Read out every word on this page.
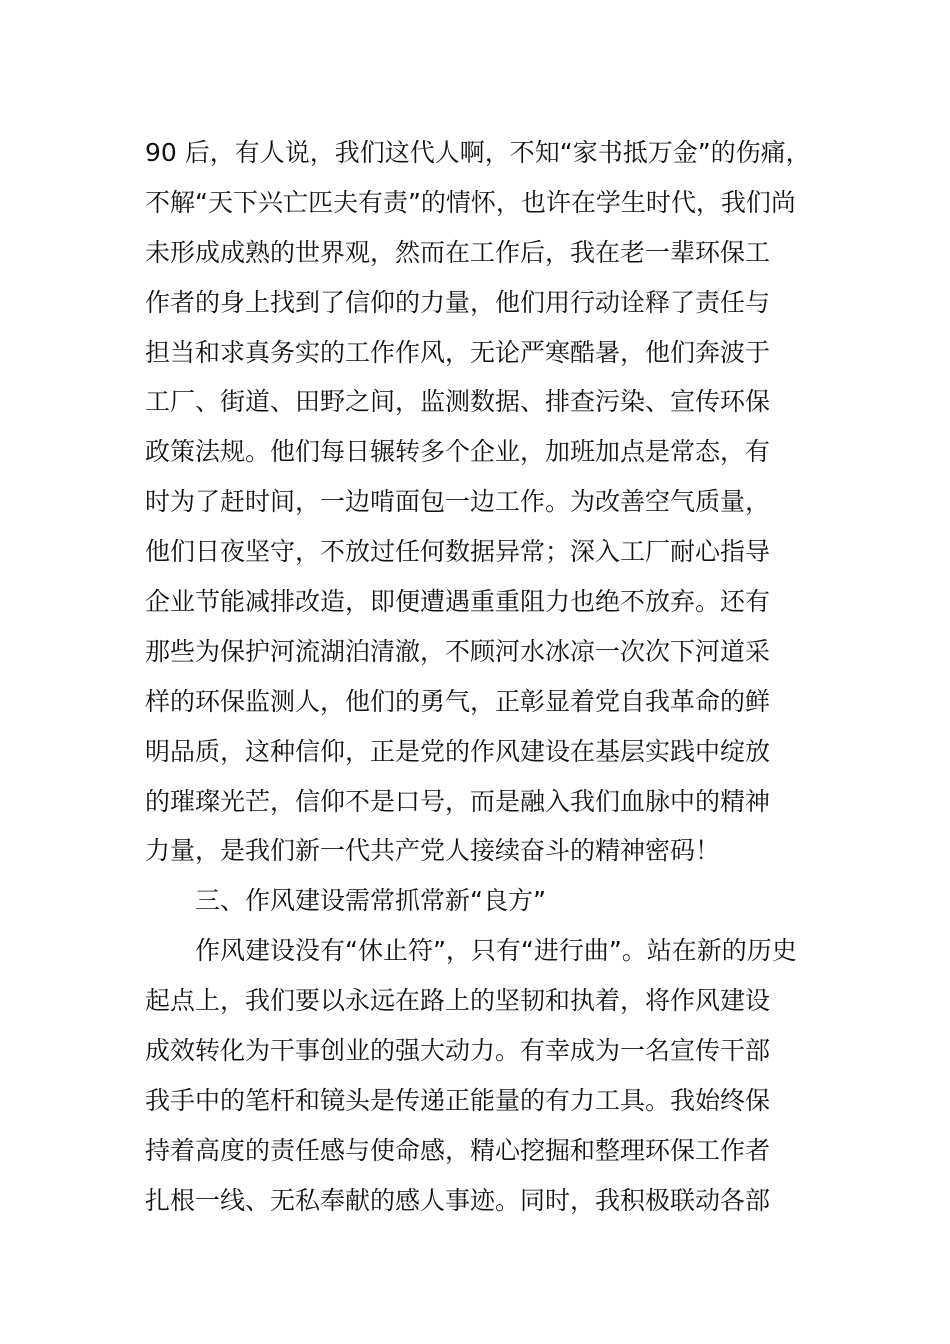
90 后，有人说，我们这代人啊，不知“家书抵万金”的伤痛，
不解“天下兴亡匹夫有责”的情怀，也许在学生时代，我们尚
未形成成熟的世界观，然而在工作后，我在老一辈环保工
作者的身上找到了信仰的力量，他们用行动诠释了责任与
担当和求真务实的工作作风，无论严寒酷暑，他们奔波于
工厂、街道、田野之间，监测数据、排查污染、宣传环保
政策法规。他们每日辗转多个企业，加班加点是常态，有
时为了赶时间，一边啃面包一边工作。为改善空气质量，
他们日夜坚守，不放过任何数据异常；深入工厂耐心指导
企业节能减排改造，即便遭遇重重阻力也绝不放弃。还有
那些为保护河流湖泊清澈，不顾河水冰凉一次次下河道采
样的环保监测人，他们的勇气，正彰显着党自我革命的鲜
明品质，这种信仰，正是党的作风建设在基层实践中绽放
的璀璨光芒，信仰不是口号，而是融入我们血脉中的精神
力量，是我们新一代共产党人接续奋斗的精神密码！
三、作风建设需常抓常新“良方”
作风建设没有“休止符”，只有“进行曲”。站在新的历史
起点上，我们要以永远在路上的坚韧和执着，将作风建设
成效转化为干事创业的强大动力。有幸成为一名宣传干部
我手中的笔杆和镜头是传递正能量的有力工具。我始终保
持着高度的责任感与使命感，精心挖掘和整理环保工作者
扎根一线、无私奉献的感人事迹。同时，我积极联动各部
